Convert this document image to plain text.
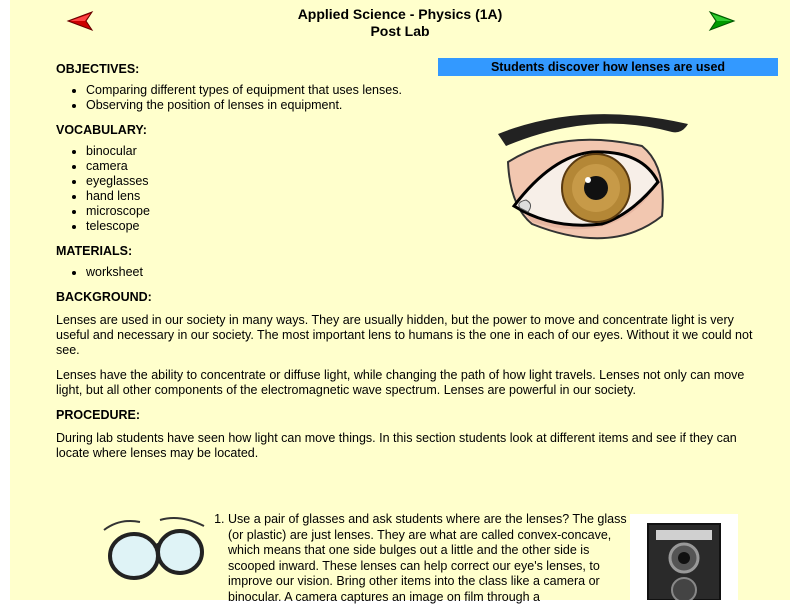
Applied Science - Physics (1A)
Post Lab
Students discover how lenses are used
OBJECTIVES:
• Comparing different types of equipment that uses lenses.
• Observing the position of lenses in equipment.
VOCABULARY:
• binocular
• camera
• eyeglasses
• hand lens
• microscope
• telescope
MATERIALS:
• worksheet
BACKGROUND:

Lenses are used in our society in many ways. They are usually hidden, but the power to move and concentrate light is very useful and necessary in our society. The most important lens to humans is the one in each of our eyes. Without it we could not see.

Lenses have the ability to concentrate or diffuse light, while changing the path of how light travels. Lenses not only can move light, but all other components of the electromagnetic wave spectrum. Lenses are powerful in our society.

PROCEDURE:

During lab students have seen how light can move things. In this section students look at different items and see if they can locate where lenses may be located.

1. Use a pair of glasses and ask students where are the lenses? The glass (or plastic) are just lenses. They are what are called convex-concave, which means that one side bulges out a little and the other side is scooped inward. These lenses can help correct our eye's lenses, to improve our vision. Bring other items into the class like a camera or binocular. A camera captures an image on film through a
